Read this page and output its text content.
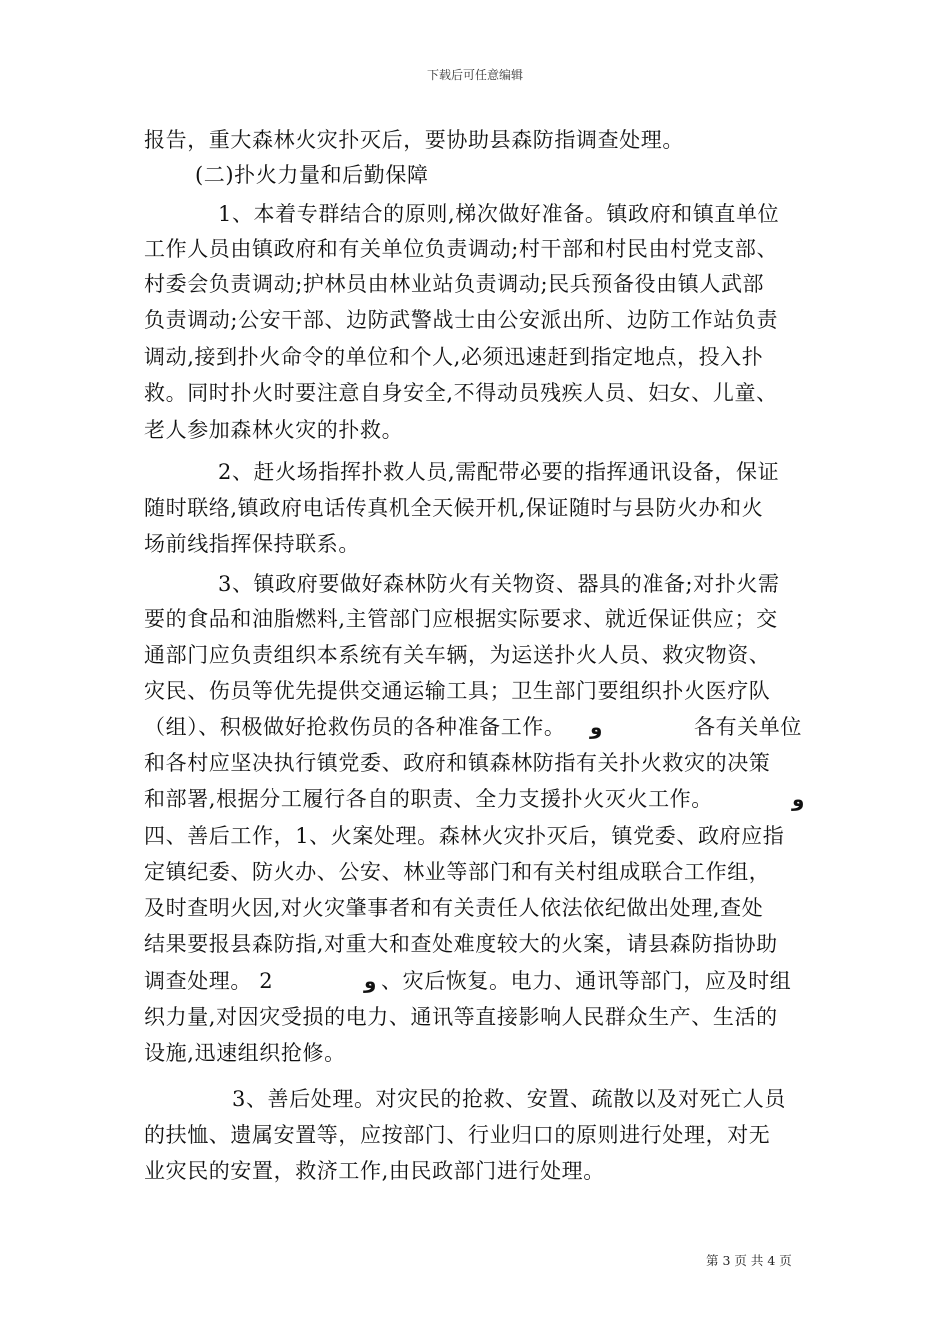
下载后可任意编辑
报告，重大森林火灾扑灭后，要协助县森防指调查处理。
(二)扑火力量和后勤保障
1、本着专群结合的原则,梯次做好准备。镇政府和镇直单位
工作人员由镇政府和有关单位负责调动;村干部和村民由村党支部、
村委会负责调动;护林员由林业站负责调动;民兵预备役由镇人武部
负责调动;公安干部、边防武警战士由公安派出所、边防工作站负责
调动,接到扑火命令的单位和个人,必须迅速赶到指定地点，投入扑
救。同时扑火时要注意自身安全,不得动员残疾人员、妇女、儿童、
老人参加森林火灾的扑救。
2、赶火场指挥扑救人员,需配带必要的指挥通讯设备，保证
随时联络,镇政府电话传真机全天候开机,保证随时与县防火办和火
场前线指挥保持联系。
3、镇政府要做好森林防火有关物资、器具的准备;对扑火需
要的食品和油脂燃料,主管部门应根据实际要求、就近保证供应；交
通部门应负责组织本系统有关车辆，为运送扑火人员、救灾物资、
灾民、伤员等优先提供交通运输工具；卫生部门要组织扑火医疗队
（组）、积极做好抢救伤员的各种准备工作。 و	各有关单位
和各村应坚决执行镇党委、政府和镇森林防指有关扑火救灾的决策
和部署,根据分工履行各自的职责、全力支援扑火灭火工作。	و
四、善后工作，1、火案处理。森林火灾扑灭后，镇党委、政府应指
定镇纪委、防火办、公安、林业等部门和有关村组成联合工作组，
及时查明火因,对火灾肇事者和有关责任人依法依纪做出处理,查处
结果要报县森防指,对重大和查处难度较大的火案，请县森防指协助
调查处理。 2	و 、灾后恢复。电力、通讯等部门，应及时组
织力量,对因灾受损的电力、通讯等直接影响人民群众生产、生活的
设施,迅速组织抢修。
3、善后处理。对灾民的抢救、安置、疏散以及对死亡人员
的扶恤、遗属安置等，应按部门、行业归口的原则进行处理，对无
业灾民的安置，救济工作,由民政部门进行处理。
第 3 页 共 4 页
